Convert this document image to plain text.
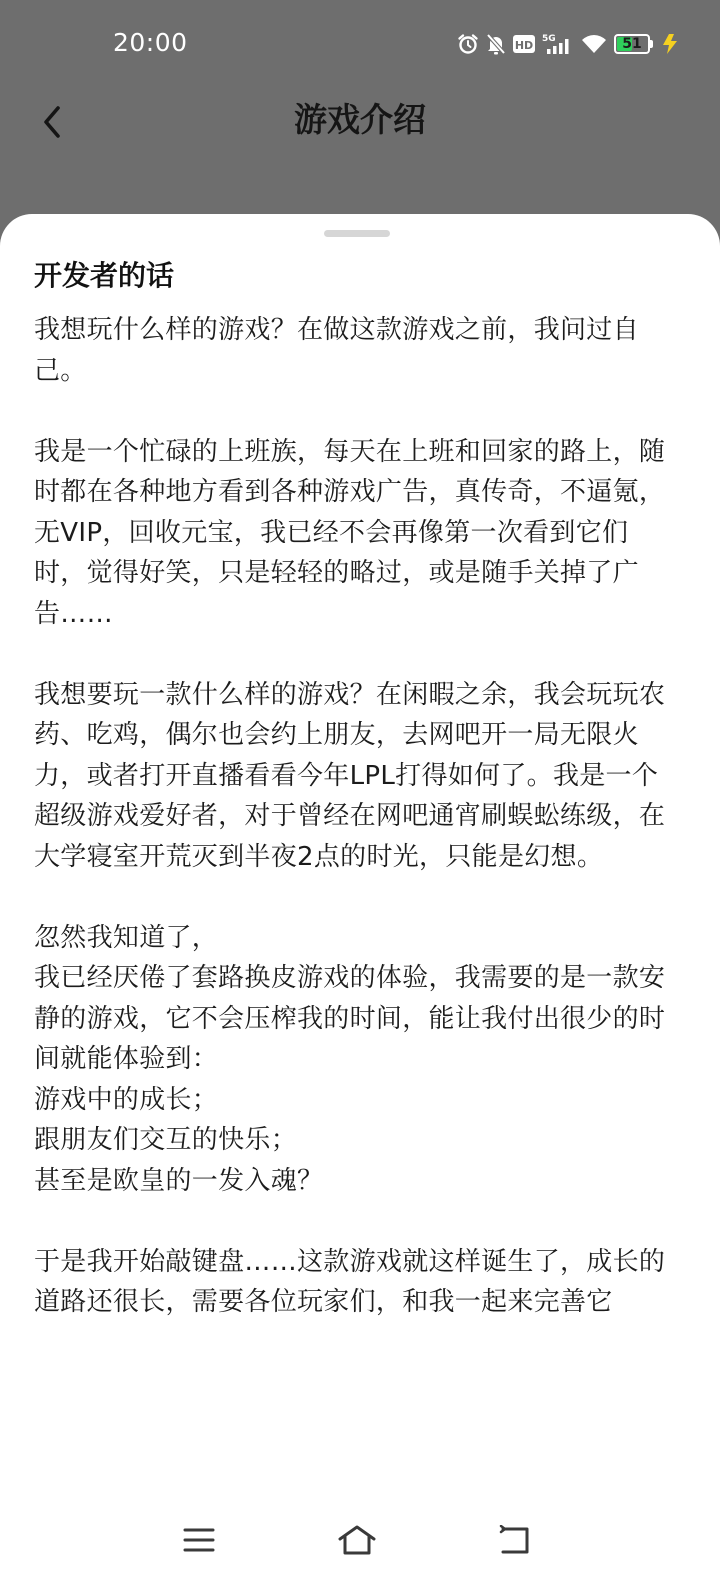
20:00	HD 5G	51
游戏介绍
开发者的话
我想玩什么样的游戏？在做这款游戏之前，我问过自己。

我是一个忙碌的上班族，每天在上班和回家的路上，随时都在各种地方看到各种游戏广告，真传奇，不逼氪，无VIP，回收元宝，我已经不会再像第一次看到它们时，觉得好笑，只是轻轻的略过，或是随手关掉了广告……

我想要玩一款什么样的游戏？在闲暇之余，我会玩玩农药、吃鸡，偶尔也会约上朋友，去网吧开一局无限火力，或者打开直播看看今年LPL打得如何了。我是一个超级游戏爱好者，对于曾经在网吧通宵刷蜈蚣练级，在大学寝室开荒灭到半夜2点的时光，只能是幻想。

忽然我知道了，
我已经厌倦了套路换皮游戏的体验，我需要的是一款安静的游戏，它不会压榨我的时间，能让我付出很少的时间就能体验到：
游戏中的成长；
跟朋友们交互的快乐；
甚至是欧皇的一发入魂？

于是我开始敲键盘……这款游戏就这样诞生了，成长的道路还很长，需要各位玩家们，和我一起来完善它
